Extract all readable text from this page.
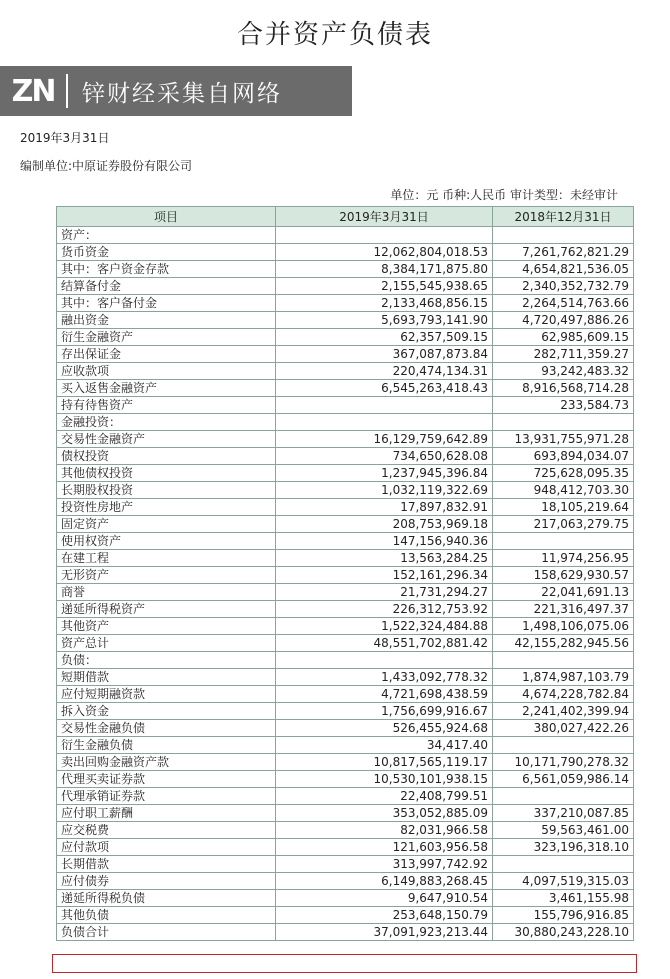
合并资产负债表
ZN	锌财经采集自网络
2019年3月31日
编制单位:中原证券股份有限公司
单位：元 币种:人民币 审计类型：未经审计
项目	2019年3月31日	2018年12月31日
资产：		
货币资金	12,062,804,018.53	7,261,762,821.29
其中：客户资金存款	8,384,171,875.80	4,654,821,536.05
结算备付金	2,155,545,938.65	2,340,352,732.79
其中：客户备付金	2,133,468,856.15	2,264,514,763.66
融出资金	5,693,793,141.90	4,720,497,886.26
衍生金融资产	62,357,509.15	62,985,609.15
存出保证金	367,087,873.84	282,711,359.27
应收款项	220,474,134.31	93,242,483.32
买入返售金融资产	6,545,263,418.43	8,916,568,714.28
持有待售资产		233,584.73
金融投资：		
交易性金融资产	16,129,759,642.89	13,931,755,971.28
债权投资	734,650,628.08	693,894,034.07
其他债权投资	1,237,945,396.84	725,628,095.35
长期股权投资	1,032,119,322.69	948,412,703.30
投资性房地产	17,897,832.91	18,105,219.64
固定资产	208,753,969.18	217,063,279.75
使用权资产	147,156,940.36	
在建工程	13,563,284.25	11,974,256.95
无形资产	152,161,296.34	158,629,930.57
商誉	21,731,294.27	22,041,691.13
递延所得税资产	226,312,753.92	221,316,497.37
其他资产	1,522,324,484.88	1,498,106,075.06
资产总计	48,551,702,881.42	42,155,282,945.56
负债：		
短期借款	1,433,092,778.32	1,874,987,103.79
应付短期融资款	4,721,698,438.59	4,674,228,782.84
拆入资金	1,756,699,916.67	2,241,402,399.94
交易性金融负债	526,455,924.68	380,027,422.26
衍生金融负债	34,417.40	
卖出回购金融资产款	10,817,565,119.17	10,171,790,278.32
代理买卖证券款	10,530,101,938.15	6,561,059,986.14
代理承销证券款	22,408,799.51	
应付职工薪酬	353,052,885.09	337,210,087.85
应交税费	82,031,966.58	59,563,461.00
应付款项	121,603,956.58	323,196,318.10
长期借款	313,997,742.92	
应付债券	6,149,883,268.45	4,097,519,315.03
递延所得税负债	9,647,910.54	3,461,155.98
其他负债	253,648,150.79	155,796,916.85
负债合计	37,091,923,213.44	30,880,243,228.10
